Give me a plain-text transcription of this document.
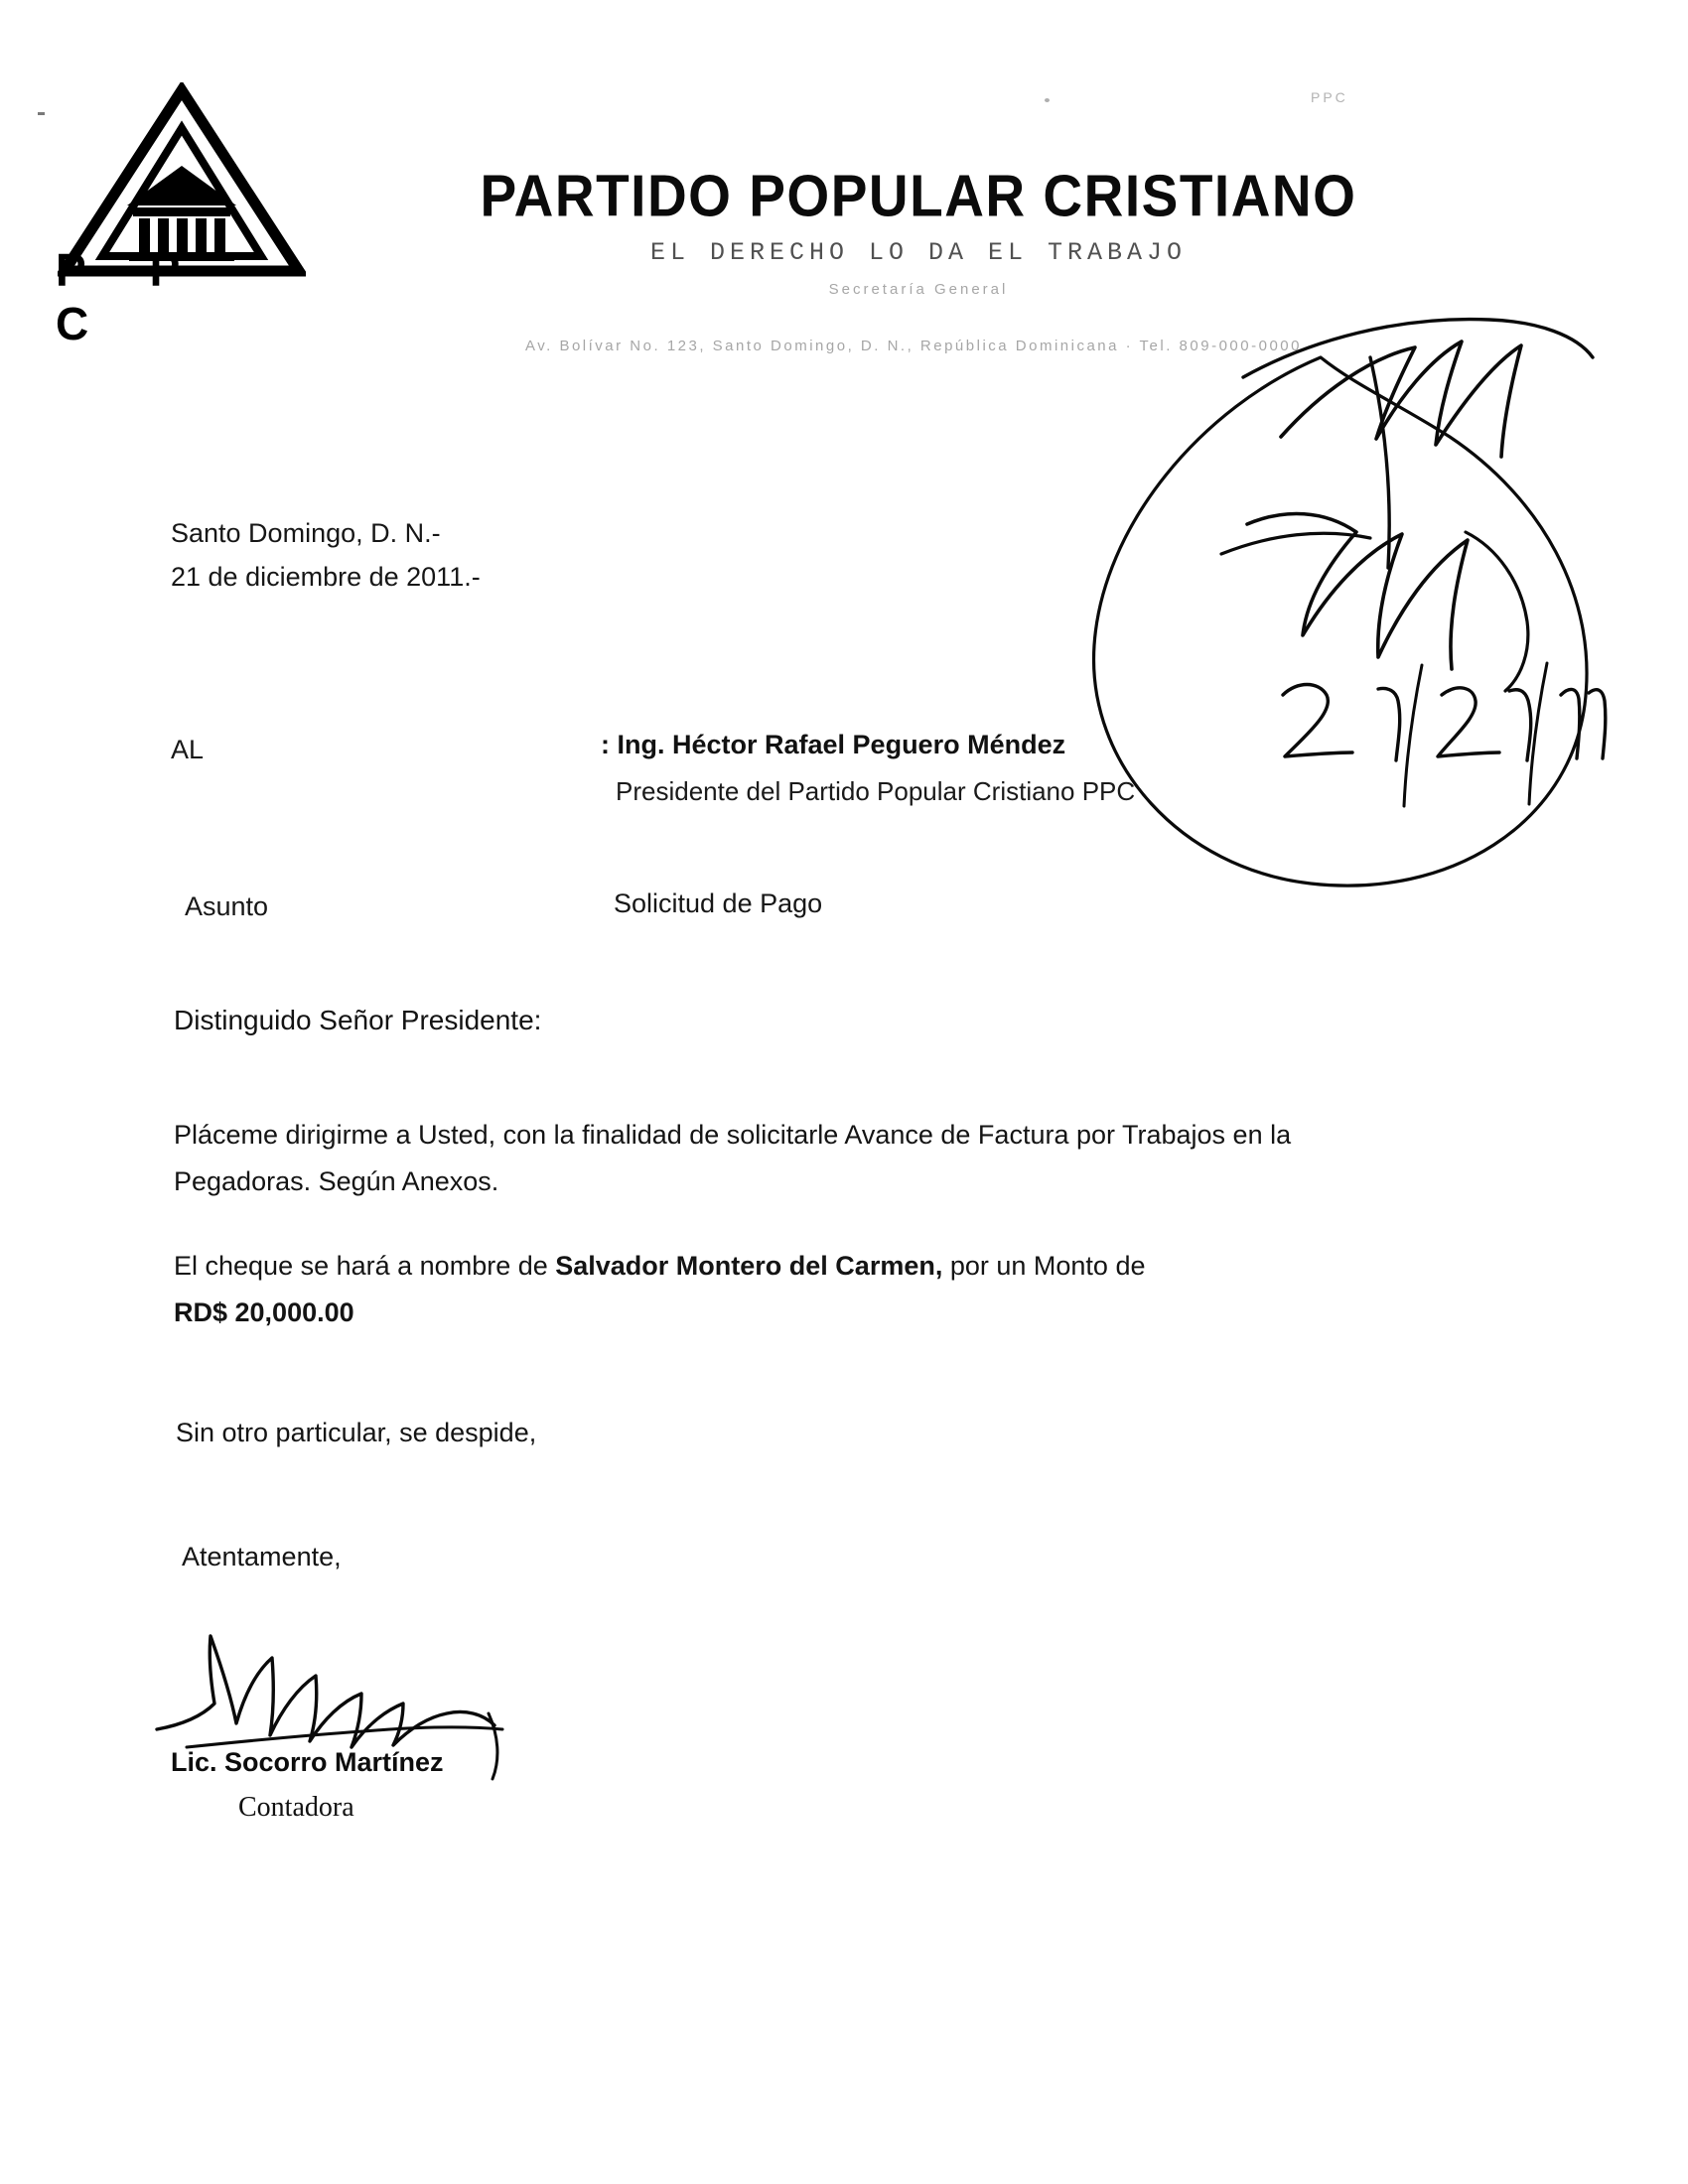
PPC
P P C
PARTIDO POPULAR CRISTIANO
EL DERECHO LO DA EL TRABAJO
Secretaría General
Av. Bolívar No. 123, Santo Domingo, D. N., República Dominicana · Tel. 809-000-0000
Santo Domingo, D. N.-
21 de diciembre de 2011.-
AL	: Ing. Héctor Rafael Peguero Méndez
Presidente del Partido Popular Cristiano PPC
Asunto	Solicitud de Pago
Distinguido Señor Presidente:
Pláceme dirigirme a Usted, con la finalidad de solicitarle Avance de Factura por Trabajos en la Pegadoras. Según Anexos.
El cheque se hará a nombre de Salvador Montero del Carmen, por un Monto de
RD$ 20,000.00
Sin otro particular, se despide,
Atentamente,
Lic. Socorro Martínez
Contadora
